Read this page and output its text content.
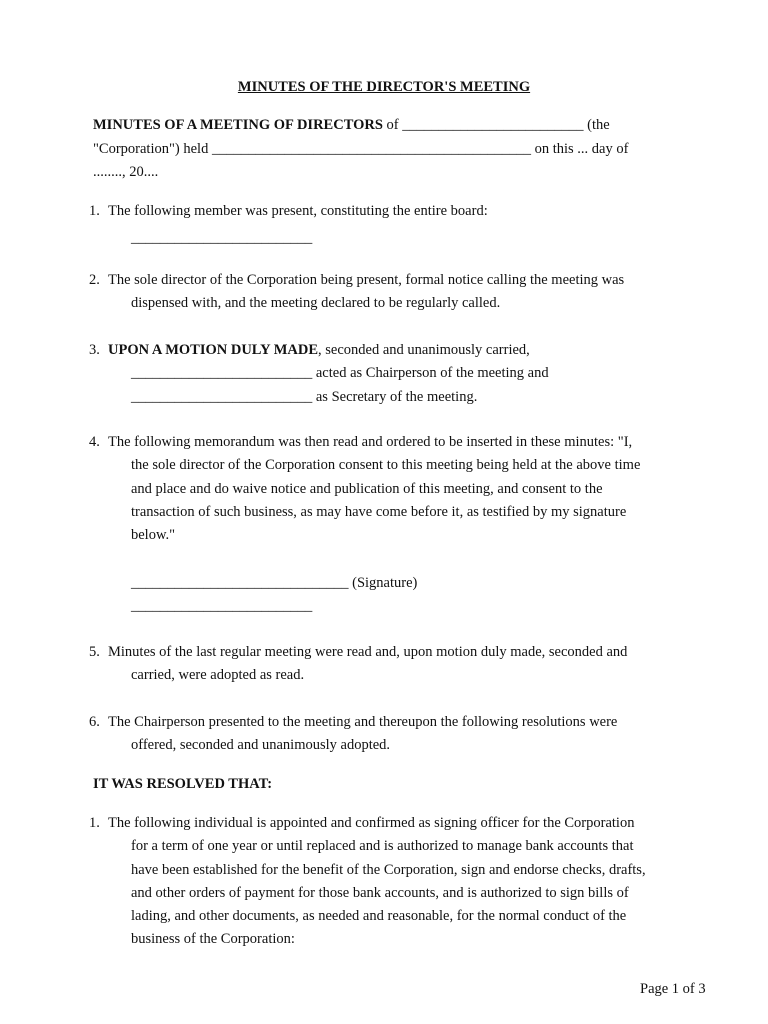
MINUTES OF THE DIRECTOR'S MEETING

MINUTES OF A MEETING OF DIRECTORS of _________________________ (the
"Corporation") held ____________________________________________ on this ... day of
........, 20....

1. The following member was present, constituting the entire board:
_________________________
2. The sole director of the Corporation being present, formal notice calling the meeting was
dispensed with, and the meeting declared to be regularly called.
3. UPON A MOTION DULY MADE, seconded and unanimously carried,
_________________________ acted as Chairperson of the meeting and
_________________________ as Secretary of the meeting.
4. The following memorandum was then read and ordered to be inserted in these minutes: "I,
the sole director of the Corporation consent to this meeting being held at the above time
and place and do waive notice and publication of this meeting, and consent to the
transaction of such business, as may have come before it, as testified by my signature
below."
______________________________ (Signature)
_________________________
5. Minutes of the last regular meeting were read and, upon motion duly made, seconded and
carried, were adopted as read.
6. The Chairperson presented to the meeting and thereupon the following resolutions were
offered, seconded and unanimously adopted.
IT WAS RESOLVED THAT:
1. The following individual is appointed and confirmed as signing officer for the Corporation
for a term of one year or until replaced and is authorized to manage bank accounts that
have been established for the benefit of the Corporation, sign and endorse checks, drafts,
and other orders of payment for those bank accounts, and is authorized to sign bills of
lading, and other documents, as needed and reasonable, for the normal conduct of the
business of the Corporation:
Page 1 of 3
